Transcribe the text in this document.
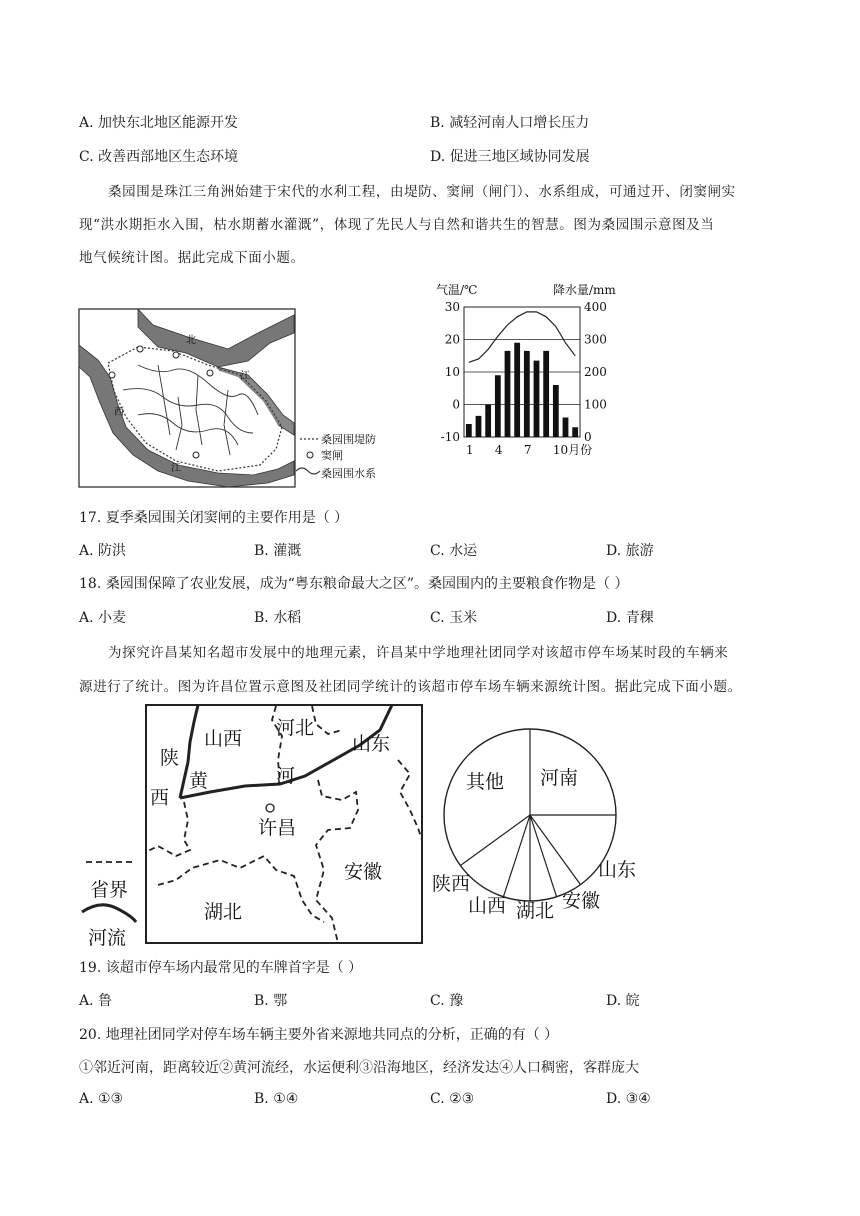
A. 加快东北地区能源开发	B. 减轻河南人口增长压力
C. 改善西部地区生态环境	D. 促进三地区域协同发展
桑园围是珠江三角洲始建于宋代的水利工程，由堤防、窦闸（闸门）、水系组成，可通过开、闭窦闸实
现“洪水期拒水入围，枯水期蓄水灌溉”，体现了先民人与自然和谐共生的智慧。图为桑园围示意图及当
地气候统计图。据此完成下面小题。
北
江
西
江
桑园围堤防
窦闸
桑园围水系
气温/℃	降水量/mm
30
20
10
0
-10
400
300
200
100
0
1 4 7 10月份
17. 夏季桑园围关闭窦闸的主要作用是（ ）
A. 防洪	B. 灌溉	C. 水运	D. 旅游
18. 桑园围保障了农业发展，成为“粤东粮命最大之区”。桑园围内的主要粮食作物是（ ）
A. 小麦	B. 水稻	C. 玉米	D. 青稞
为探究许昌某知名超市发展中的地理元素，许昌某中学地理社团同学对该超市停车场某时段的车辆来
源进行了统计。图为许昌位置示意图及社团同学统计的该超市停车场车辆来源统计图。据此完成下面小题。
山西 河北
山东
陕
西
黄	河
许昌
安徽
湖北
省界
河流
其他 河南
山东
安徽
湖北
山西
陕西
19. 该超市停车场内最常见的车牌首字是（ ）
A. 鲁	B. 鄂	C. 豫	D. 皖
20. 地理社团同学对停车场车辆主要外省来源地共同点的分析，正确的有（ ）
①邻近河南，距离较近②黄河流经，水运便利③沿海地区，经济发达④人口稠密，客群庞大
A. ①③	B. ①④	C. ②③	D. ③④
